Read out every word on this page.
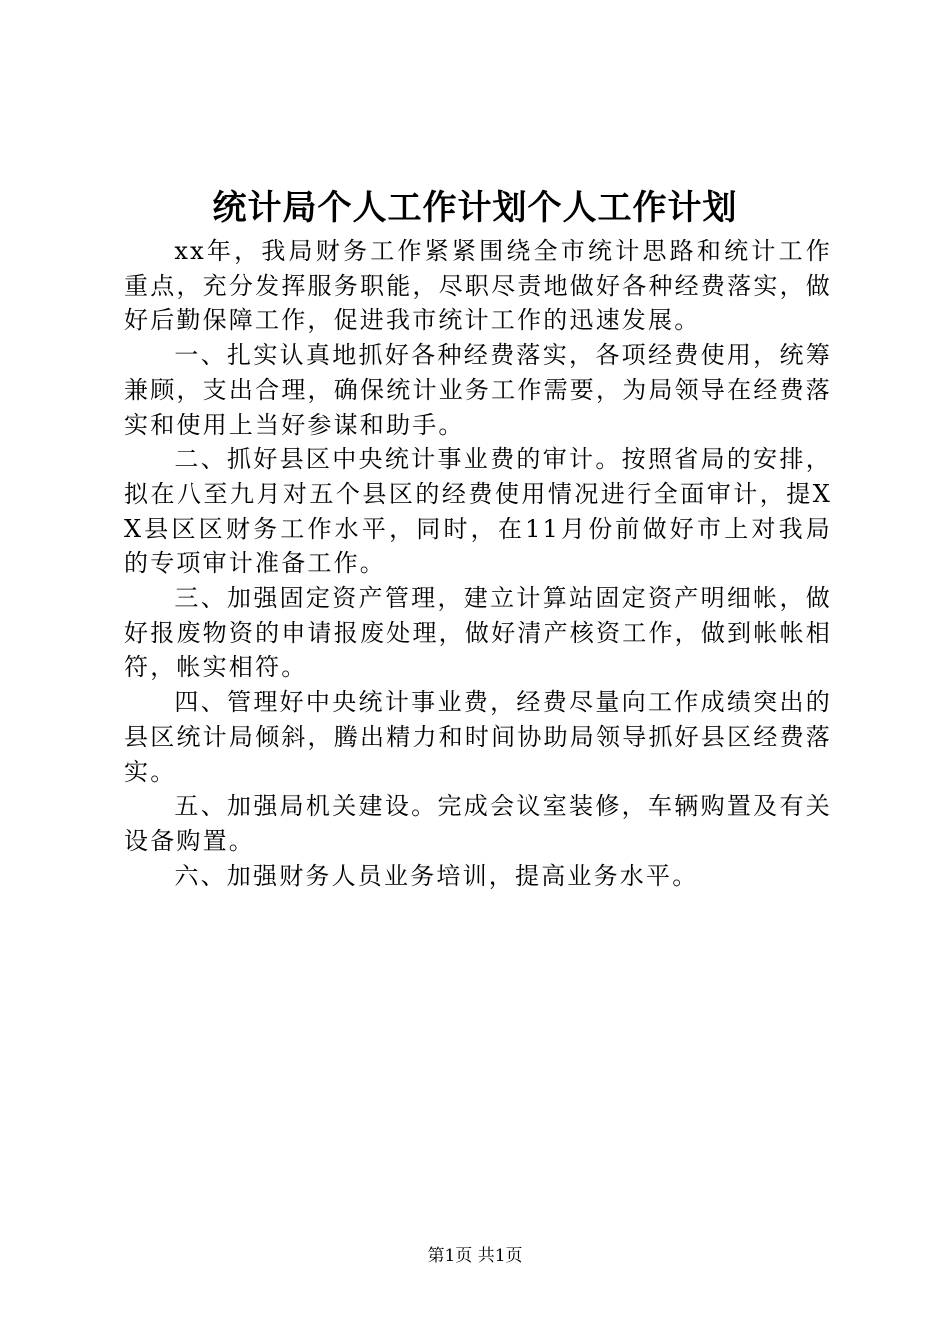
统计局个人工作计划个人工作计划

xx年，我局财务工作紧紧围绕全市统计思路和统计工作重点，充分发挥服务职能，尽职尽责地做好各种经费落实，做好后勤保障工作，促进我市统计工作的迅速发展。

一、扎实认真地抓好各种经费落实，各项经费使用，统筹兼顾，支出合理，确保统计业务工作需要，为局领导在经费落实和使用上当好参谋和助手。

二、抓好县区中央统计事业费的审计。按照省局的安排，拟在八至九月对五个县区的经费使用情况进行全面审计，提XX县区区财务工作水平，同时，在11月份前做好市上对我局的专项审计准备工作。

三、加强固定资产管理，建立计算站固定资产明细帐，做好报废物资的申请报废处理，做好清产核资工作，做到帐帐相符，帐实相符。

四、管理好中央统计事业费，经费尽量向工作成绩突出的县区统计局倾斜，腾出精力和时间协助局领导抓好县区经费落实。

五、加强局机关建设。完成会议室装修，车辆购置及有关设备购置。

六、加强财务人员业务培训，提高业务水平。

第1页 共1页
